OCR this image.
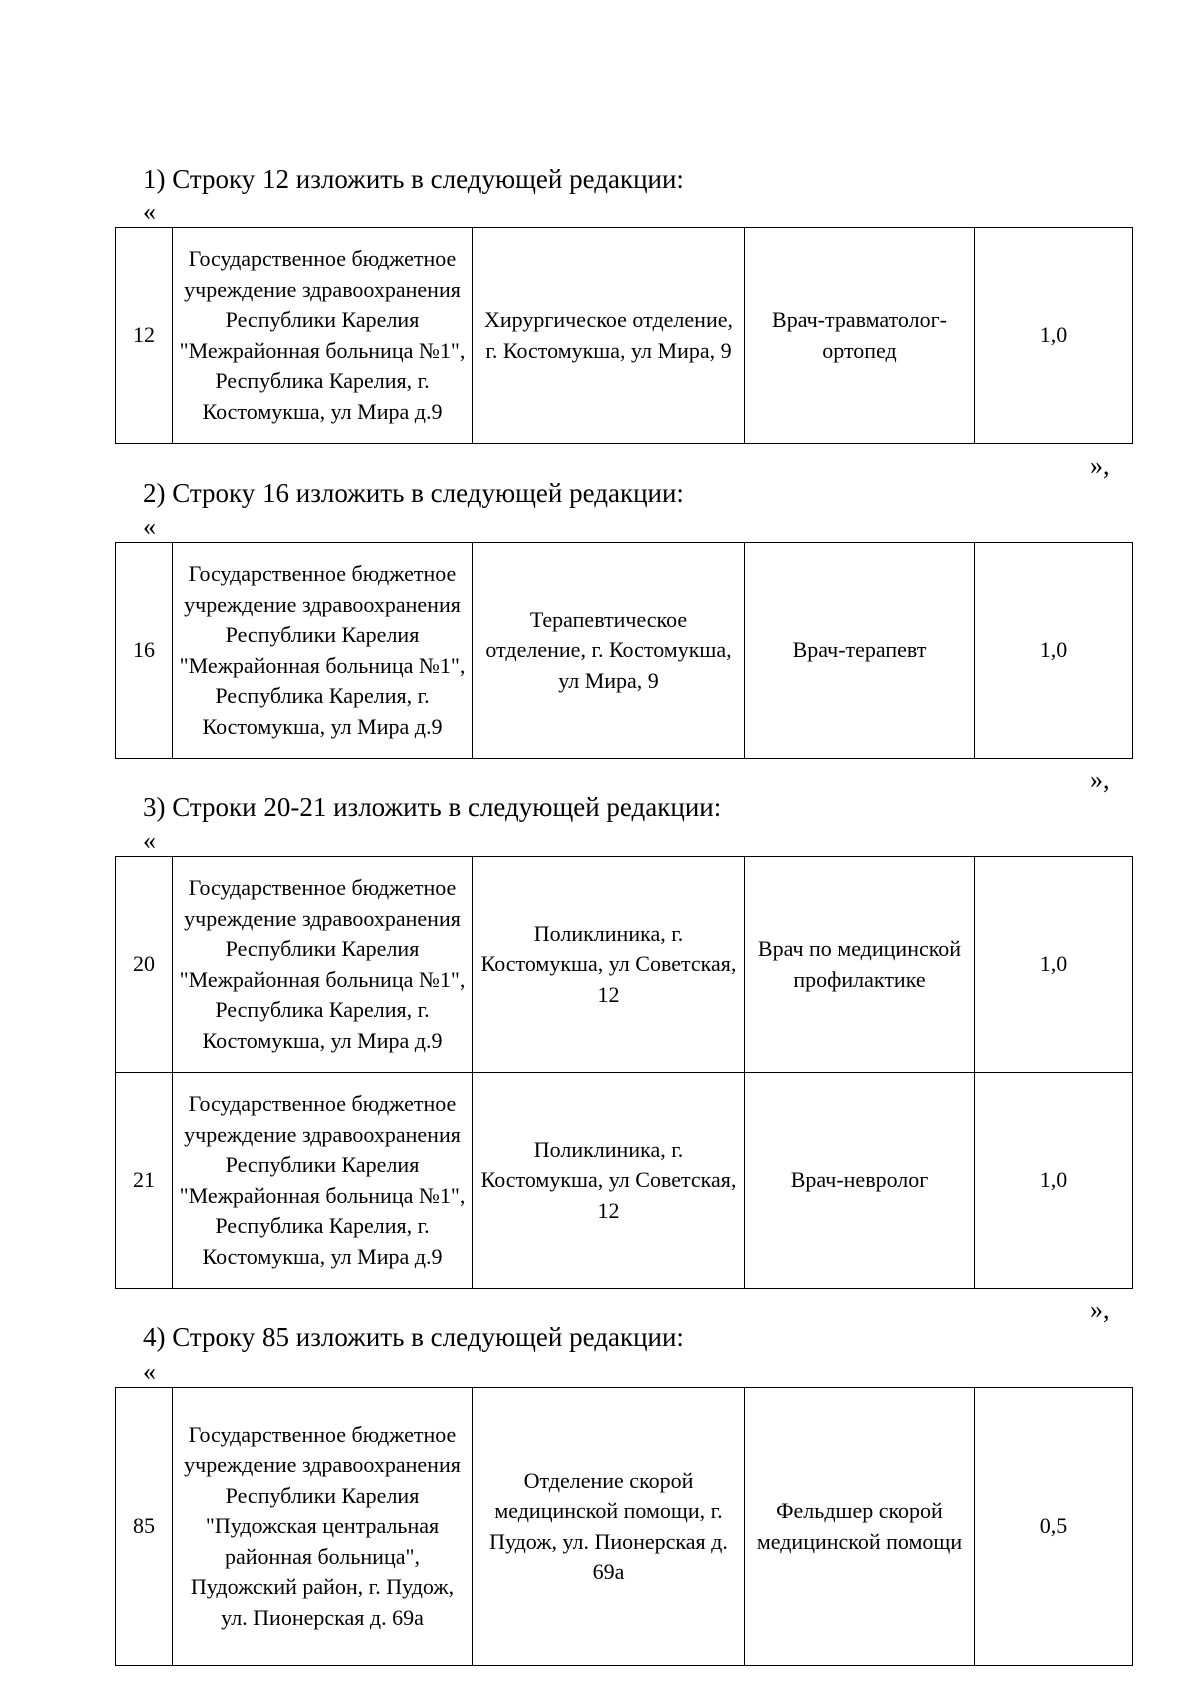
1) Строку 12 изложить в следующей редакции:
«
12	Государственное бюджетное учреждение здравоохранения Республики Карелия "Межрайонная больница №1", Республика Карелия, г. Костомукша, ул Мира д.9	Хирургическое отделение, г. Костомукша, ул Мира, 9	Врач-травматолог-ортопед	1,0
»,
2) Строку 16 изложить в следующей редакции:
«
16	Государственное бюджетное учреждение здравоохранения Республики Карелия "Межрайонная больница №1", Республика Карелия, г. Костомукша, ул Мира д.9	Терапевтическое отделение, г. Костомукша, ул Мира, 9	Врач-терапевт	1,0
»,
3) Строки 20-21 изложить в следующей редакции:
«
20	Государственное бюджетное учреждение здравоохранения Республики Карелия "Межрайонная больница №1", Республика Карелия, г. Костомукша, ул Мира д.9	Поликлиника, г. Костомукша, ул Советская, 12	Врач по медицинской профилактике	1,0
21	Государственное бюджетное учреждение здравоохранения Республики Карелия "Межрайонная больница №1", Республика Карелия, г. Костомукша, ул Мира д.9	Поликлиника, г. Костомукша, ул Советская, 12	Врач-невролог	1,0
»,
4) Строку 85 изложить в следующей редакции:
«
85	Государственное бюджетное учреждение здравоохранения Республики Карелия "Пудожская центральная районная больница", Пудожский район, г. Пудож, ул. Пионерская д. 69а	Отделение скорой медицинской помощи, г. Пудож, ул. Пионерская д. 69а	Фельдшер скорой медицинской помощи	0,5
